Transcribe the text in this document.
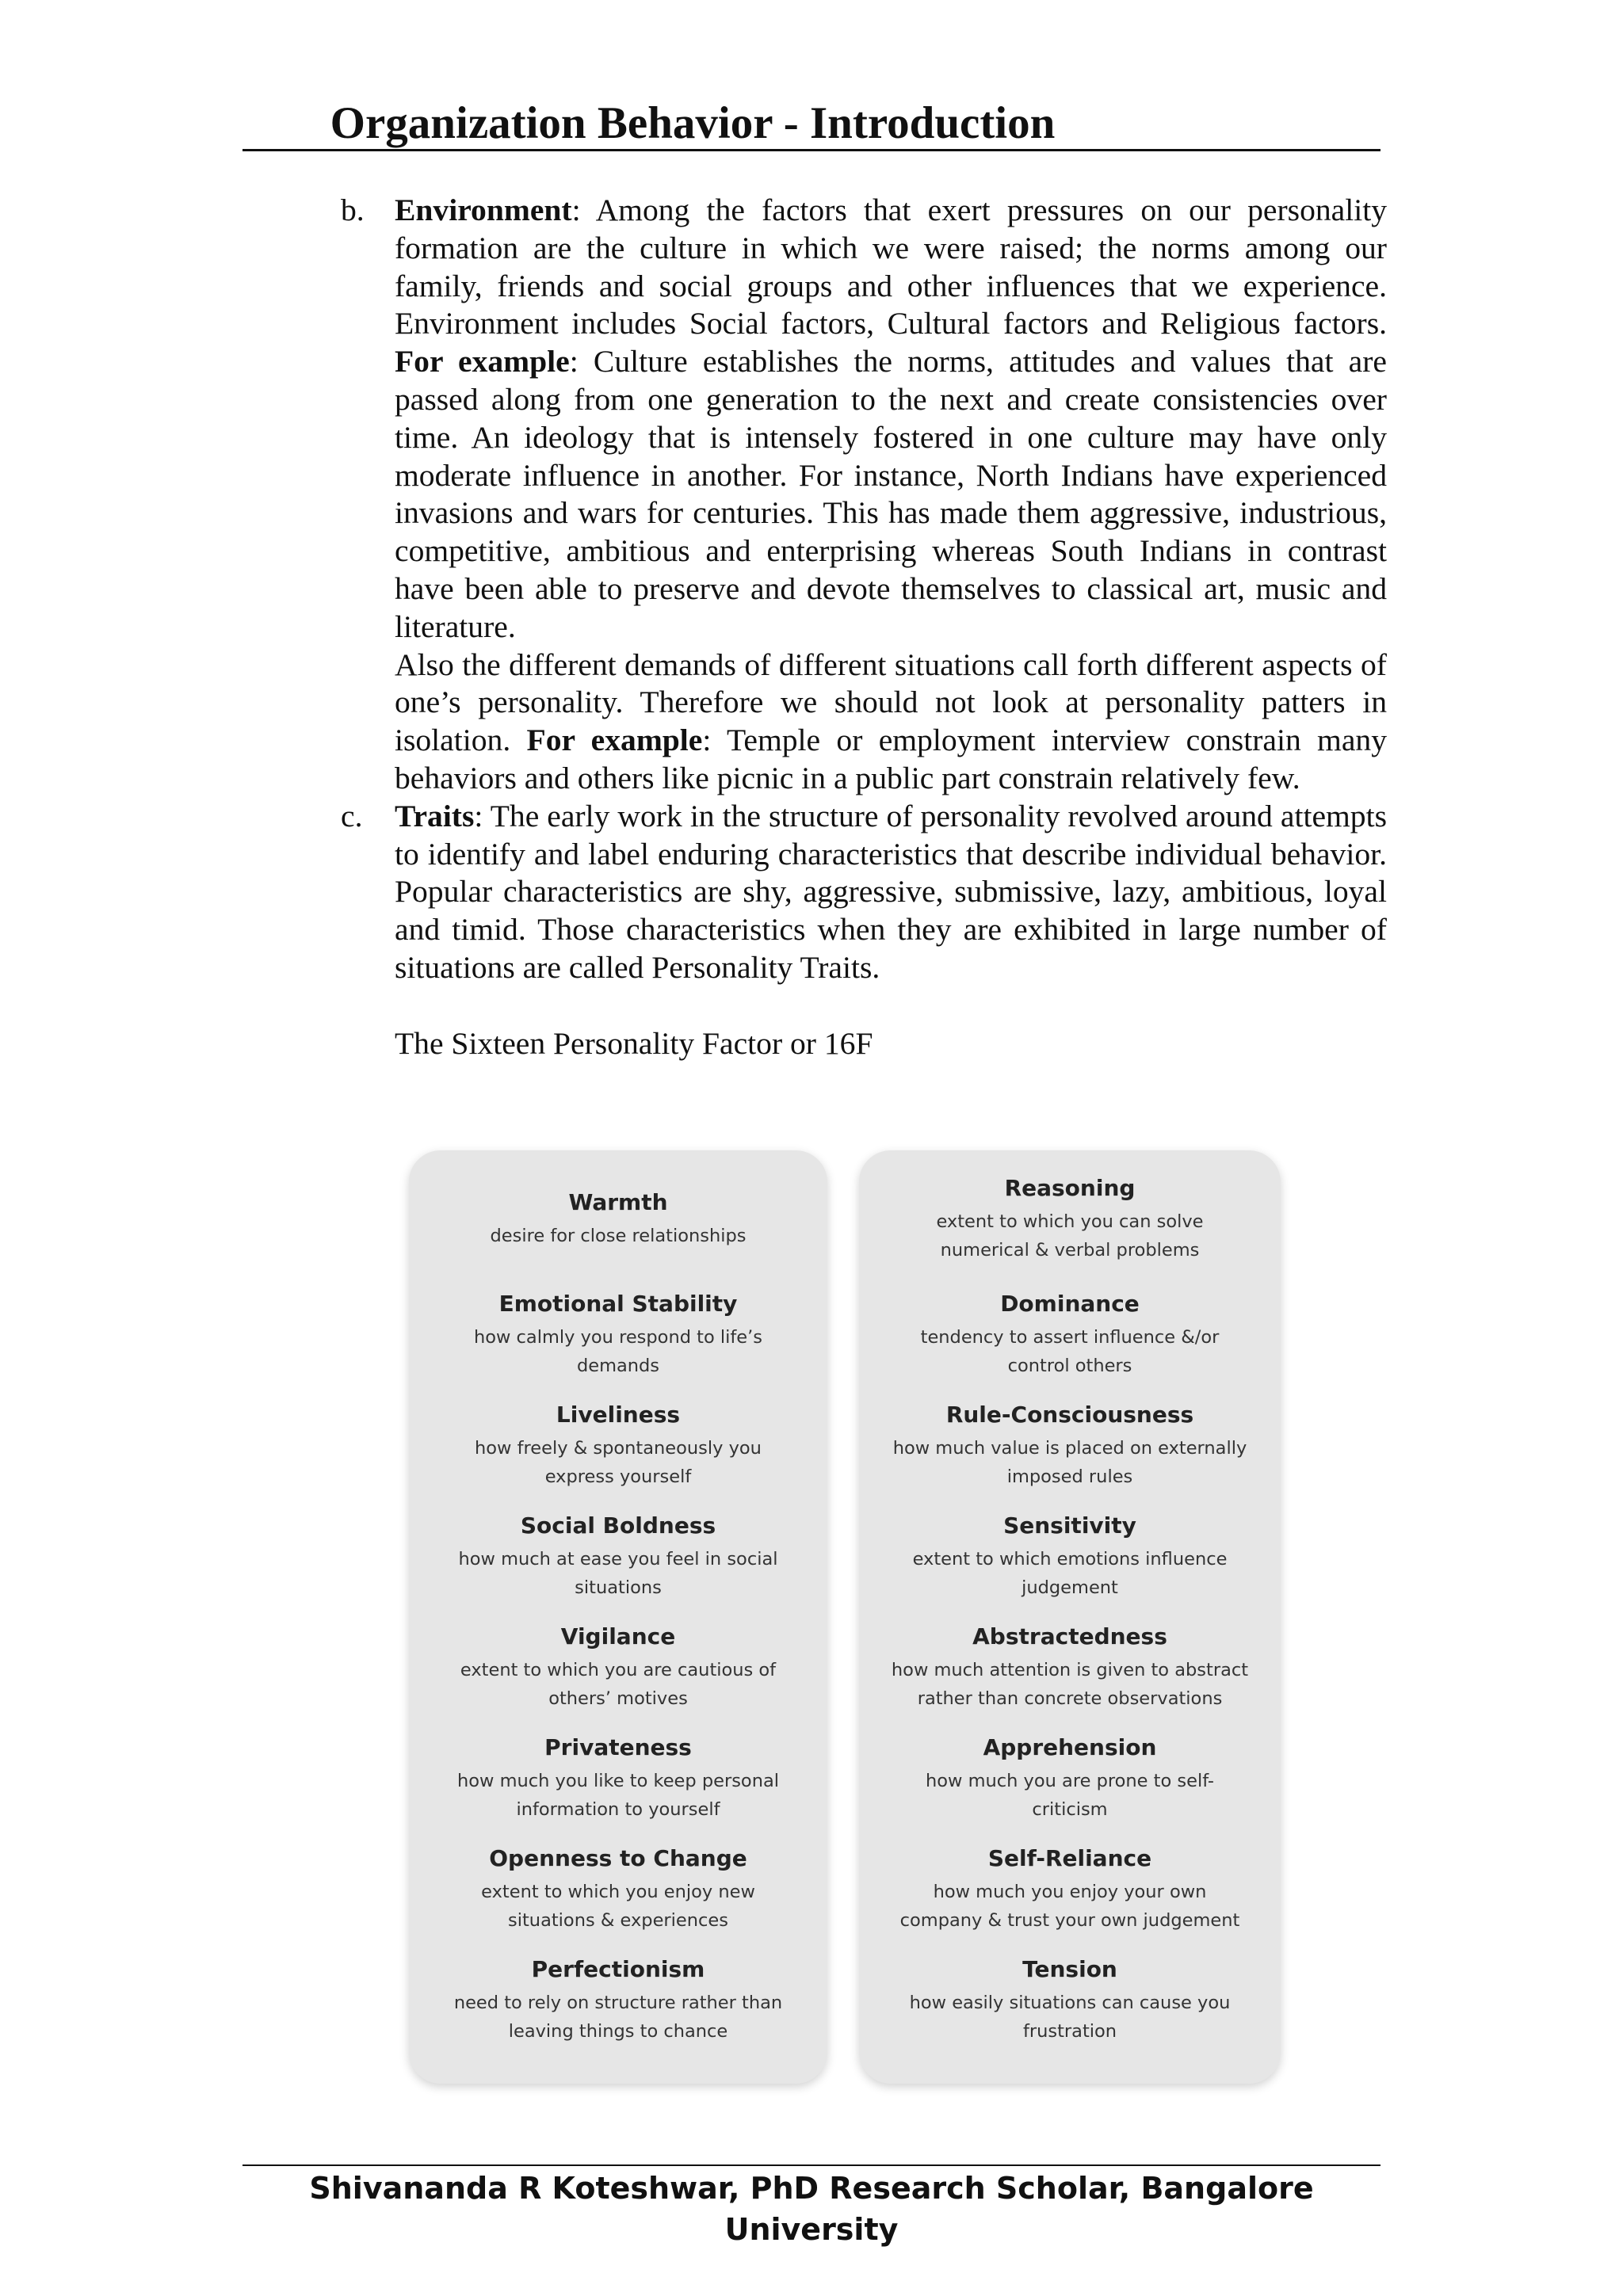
Organization Behavior - Introduction
b. Environment: Among the factors that exert pressures on our personality formation are the culture in which we were raised; the norms among our family, friends and social groups and other influences that we experience. Environment includes Social factors, Cultural factors and Religious factors. For example: Culture establishes the norms, attitudes and values that are passed along from one generation to the next and create consistencies over time. An ideology that is intensely fostered in one culture may have only moderate influence in another. For instance, North Indians have experienced invasions and wars for centuries. This has made them aggressive, industrious, competitive, ambitious and enterprising whereas South Indians in contrast have been able to preserve and devote themselves to classical art, music and literature.

Also the different demands of different situations call forth different aspects of one’s personality. Therefore we should not look at personality patters in isolation. For example: Temple or employment interview constrain many behaviors and others like picnic in a public part constrain relatively few.

c. Traits: The early work in the structure of personality revolved around attempts to identify and label enduring characteristics that describe individual behavior. Popular characteristics are shy, aggressive, submissive, lazy, ambitious, loyal and timid. Those characteristics when they are exhibited in large number of situations are called Personality Traits.

The Sixteen Personality Factor or 16F
Warmth
desire for close relationships
Emotional Stability
how calmly you respond to life’s
demands
Liveliness
how freely & spontaneously you
express yourself
Social Boldness
how much at ease you feel in social
situations
Vigilance
extent to which you are cautious of
others’ motives
Privateness
how much you like to keep personal
information to yourself
Openness to Change
extent to which you enjoy new
situations & experiences
Perfectionism
need to rely on structure rather than
leaving things to chance
Reasoning
extent to which you can solve
numerical & verbal problems
Dominance
tendency to assert influence &/or
control others
Rule-Consciousness
how much value is placed on externally
imposed rules
Sensitivity
extent to which emotions influence
judgement
Abstractedness
how much attention is given to abstract
rather than concrete observations
Apprehension
how much you are prone to self-
criticism
Self-Reliance
how much you enjoy your own
company & trust your own judgement
Tension
how easily situations can cause you
frustration
Shivananda R Koteshwar, PhD Research Scholar, Bangalore University
